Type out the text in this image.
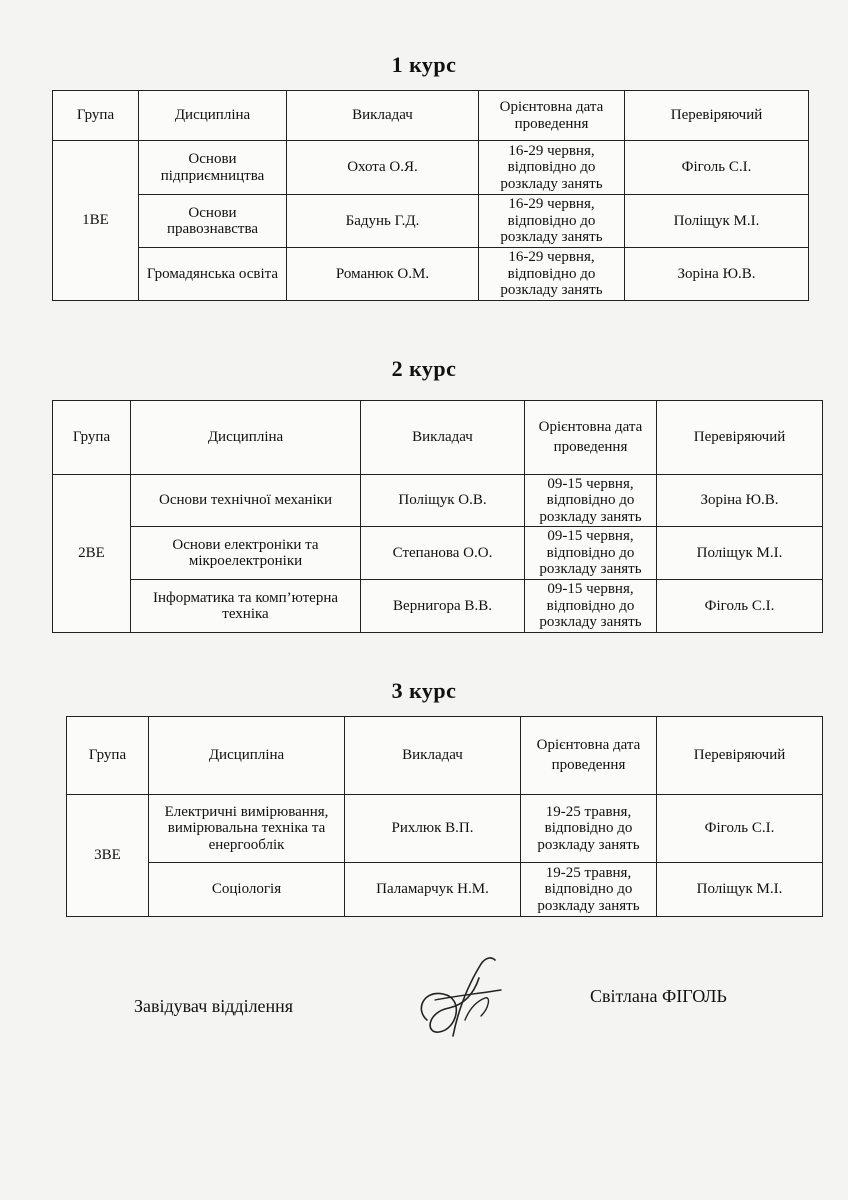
1 курс
Група	Дисципліна	Викладач	Орієнтовна дата проведення	Перевіряючий
1ВЕ	Основи підприємництва	Охота О.Я.	16-29 червня, відповідно до розкладу занять	Фіголь С.І.
	Основи правознавства	Бадунь Г.Д.	16-29 червня, відповідно до розкладу занять	Поліщук М.І.
	Громадянська освіта	Романюк О.М.	16-29 червня, відповідно до розкладу занять	Зоріна Ю.В.
2 курс
Група	Дисципліна	Викладач	Орієнтовна дата проведення	Перевіряючий
2ВЕ	Основи технічної механіки	Поліщук О.В.	09-15 червня, відповідно до розкладу занять	Зоріна Ю.В.
	Основи електроніки та мікроелектроніки	Степанова О.О.	09-15 червня, відповідно до розкладу занять	Поліщук М.І.
	Інформатика та комп’ютерна техніка	Вернигора В.В.	09-15 червня, відповідно до розкладу занять	Фіголь С.І.
3 курс
Група	Дисципліна	Викладач	Орієнтовна дата проведення	Перевіряючий
3ВЕ	Електричні вимірювання, вимірювальна техніка та енергооблік	Рихлюк В.П.	19-25 травня, відповідно до розкладу занять	Фіголь С.І.
	Соціологія	Паламарчук Н.М.	19-25 травня, відповідно до розкладу занять	Поліщук М.І.
Завідувач відділення	Світлана ФІГОЛЬ
